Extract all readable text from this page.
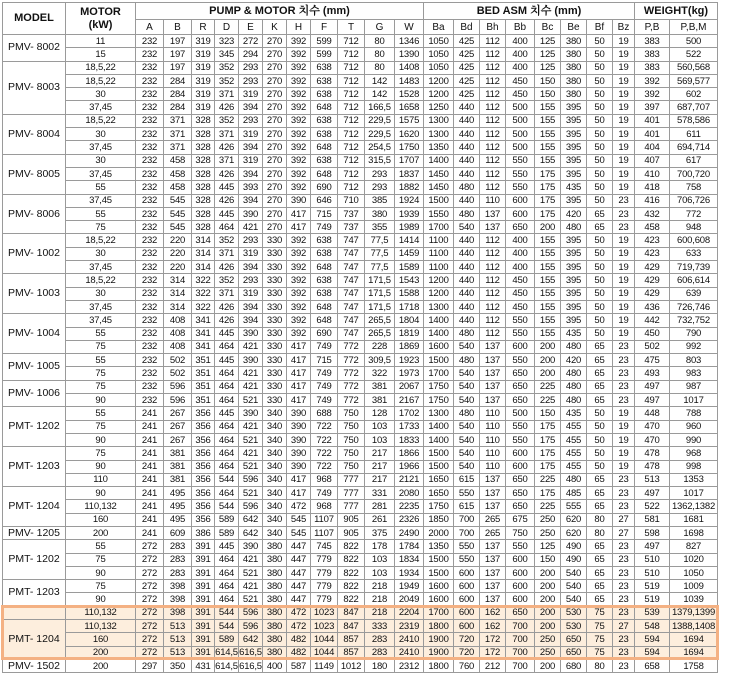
MODEL	MOTOR
(kW)	PUMP & MOTOR 치수 (mm)											BED ASM 치수 (mm)								WEIGHT(kg)	
		A	B	R	D	E	K	H	F	T	G	W	Ba	Bd	Bh	Bb	Bc	Be	Bf	Bz	P,B	P,B,M
PMV- 8002	11	232	197	319	323	272	270	392	599	712	80	1346	1050	425	112	400	125	380	50	19	383	500
	15	232	197	319	345	294	270	392	599	712	80	1390	1050	425	112	400	125	380	50	19	383	522
PMV- 8003	18,5,22	232	197	319	352	293	270	392	638	712	80	1408	1050	425	112	400	125	380	50	19	383	560,568
	18,5,22	232	284	319	352	293	270	392	638	712	142	1483	1200	425	112	450	150	380	50	19	392	569,577
	30	232	284	319	371	319	270	392	638	712	142	1528	1200	425	112	450	150	380	50	19	392	602
	37,45	232	284	319	426	394	270	392	648	712	166,5	1658	1250	440	112	500	155	395	50	19	397	687,707
PMV- 8004	18,5,22	232	371	328	352	293	270	392	638	712	229,5	1575	1300	440	112	500	155	395	50	19	401	578,586
	30	232	371	328	371	319	270	392	638	712	229,5	1620	1300	440	112	500	155	395	50	19	401	611
	37,45	232	371	328	426	394	270	392	648	712	254,5	1750	1350	440	112	500	155	395	50	19	404	694,714
PMV- 8005	30	232	458	328	371	319	270	392	638	712	315,5	1707	1400	440	112	550	155	395	50	19	407	617
	37,45	232	458	328	426	394	270	392	648	712	293	1837	1450	440	112	550	175	395	50	19	410	700,720
	55	232	458	328	445	393	270	392	690	712	293	1882	1450	480	112	550	175	435	50	19	418	758
PMV- 8006	37,45	232	545	328	426	394	270	390	646	710	385	1924	1500	440	110	600	175	395	50	23	416	706,726
	55	232	545	328	445	390	270	417	715	737	380	1939	1550	480	137	600	175	420	65	23	432	772
	75	232	545	328	464	421	270	417	749	737	355	1989	1700	540	137	650	200	480	65	23	458	948
PMV- 1002	18,5,22	232	220	314	352	293	330	392	638	747	77,5	1414	1100	440	112	400	155	395	50	19	423	600,608
	30	232	220	314	371	319	330	392	638	747	77,5	1459	1100	440	112	400	155	395	50	19	423	633
	37,45	232	220	314	426	394	330	392	648	747	77,5	1589	1100	440	112	400	155	395	50	19	429	719,739
PMV- 1003	18,5,22	232	314	322	352	293	330	392	638	747	171,5	1543	1200	440	112	450	155	395	50	19	429	606,614
	30	232	314	322	371	319	330	392	638	747	171,5	1588	1200	440	112	450	155	395	50	19	429	639
	37,45	232	314	322	426	394	330	392	648	747	171,5	1718	1300	440	112	450	155	395	50	19	436	726,746
PMV- 1004	37,45	232	408	341	426	394	330	392	648	747	265,5	1804	1400	440	112	550	155	395	50	19	442	732,752
	55	232	408	341	445	390	330	392	690	747	265,5	1819	1400	480	112	550	155	435	50	19	450	790
	75	232	408	341	464	421	330	417	749	772	228	1869	1600	540	137	600	200	480	65	23	502	992
PMV- 1005	55	232	502	351	445	390	330	417	715	772	309,5	1923	1500	480	137	550	200	420	65	23	475	803
	75	232	502	351	464	421	330	417	749	772	322	1973	1700	540	137	650	200	480	65	23	493	983
PMV- 1006	75	232	596	351	464	421	330	417	749	772	381	2067	1750	540	137	650	225	480	65	23	497	987
	90	232	596	351	464	521	330	417	749	772	381	2167	1750	540	137	650	225	480	65	23	497	1017
PMT- 1202	55	241	267	356	445	390	340	390	688	750	128	1702	1300	480	110	500	150	435	50	19	448	788
	75	241	267	356	464	421	340	390	722	750	103	1733	1400	540	110	550	175	455	50	19	470	960
	90	241	267	356	464	521	340	390	722	750	103	1833	1400	540	110	550	175	455	50	19	470	990
PMT- 1203	75	241	381	356	464	421	340	390	722	750	217	1866	1500	540	110	600	175	455	50	19	478	968
	90	241	381	356	464	521	340	390	722	750	217	1966	1500	540	110	600	175	455	50	19	478	998
	110	241	381	356	544	596	340	417	968	777	217	2121	1650	615	137	650	225	480	65	23	513	1353
PMT- 1204	90	241	495	356	464	521	340	417	749	777	331	2080	1650	550	137	650	175	485	65	23	497	1017
	110,132	241	495	356	544	596	340	472	968	777	281	2235	1750	615	137	650	225	555	65	23	522	1362,1382
	160	241	495	356	589	642	340	545	1107	905	261	2326	1850	700	265	675	250	620	80	27	581	1681
PMV- 1205	200	241	609	386	589	642	340	545	1107	905	375	2490	2000	700	265	750	250	620	80	27	598	1698
PMT- 1202	55	272	283	391	445	390	380	447	745	822	178	1784	1350	550	137	550	125	490	65	23	497	827
	75	272	283	391	464	421	380	447	779	822	103	1834	1500	550	137	600	150	490	65	23	510	1020
	90	272	283	391	464	521	380	447	779	822	103	1934	1500	600	137	600	200	540	65	23	510	1050
PMT- 1203	75	272	398	391	464	421	380	447	779	822	218	1949	1600	600	137	600	200	540	65	23	519	1009
	90	272	398	391	464	521	380	447	779	822	218	2049	1600	600	137	600	200	540	65	23	519	1039
	110,132	272	398	391	544	596	380	472	1023	847	218	2204	1700	600	162	650	200	530	75	23	539	1379,1399
PMT- 1204	110,132	272	513	391	544	596	380	472	1023	847	333	2319	1800	600	162	700	200	530	75	27	548	1388,1408
	160	272	513	391	589	642	380	482	1044	857	283	2410	1900	720	172	700	250	650	75	23	594	1694
	200	272	513	391	614,5	616,5	380	482	1044	857	283	2410	1900	720	172	700	250	650	75	23	594	1694
PMV- 1502	200	297	350	431	614,5	616,5	400	587	1149	1012	180	2312	1800	760	212	700	200	680	80	23	658	1758
